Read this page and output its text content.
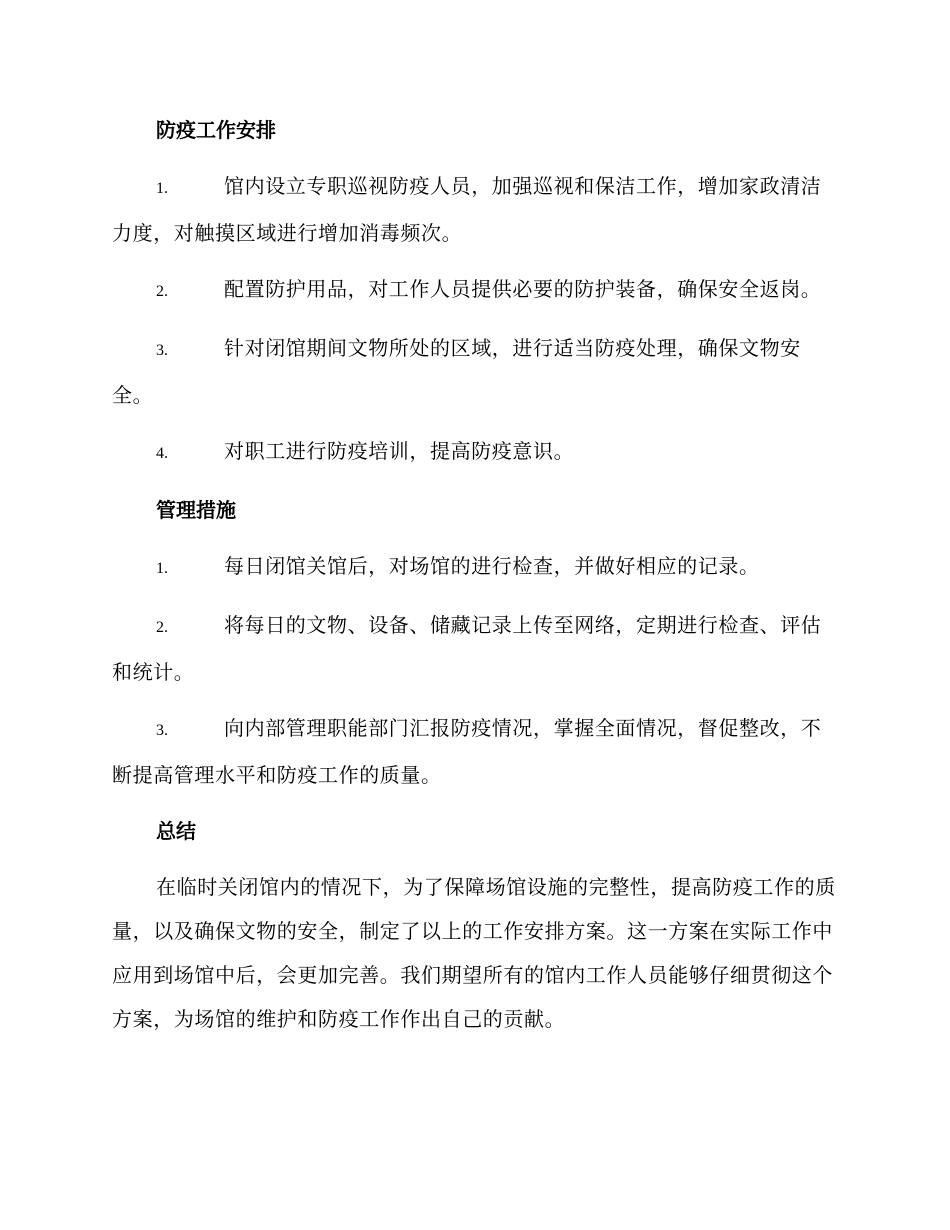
防疫工作安排
1.	馆内设立专职巡视防疫人员，加强巡视和保洁工作，增加家政清洁力度，对触摸区域进行增加消毒频次。
2.	配置防护用品，对工作人员提供必要的防护装备，确保安全返岗。
3.	针对闭馆期间文物所处的区域，进行适当防疫处理，确保文物安全。
4.	对职工进行防疫培训，提高防疫意识。
管理措施
1.	每日闭馆关馆后，对场馆的进行检查，并做好相应的记录。
2.	将每日的文物、设备、储藏记录上传至网络，定期进行检查、评估和统计。
3.	向内部管理职能部门汇报防疫情况，掌握全面情况，督促整改，不断提高管理水平和防疫工作的质量。
总结

在临时关闭馆内的情况下，为了保障场馆设施的完整性，提高防疫工作的质量，以及确保文物的安全，制定了以上的工作安排方案。这一方案在实际工作中应用到场馆中后，会更加完善。我们期望所有的馆内工作人员能够仔细贯彻这个方案，为场馆的维护和防疫工作作出自己的贡献。
